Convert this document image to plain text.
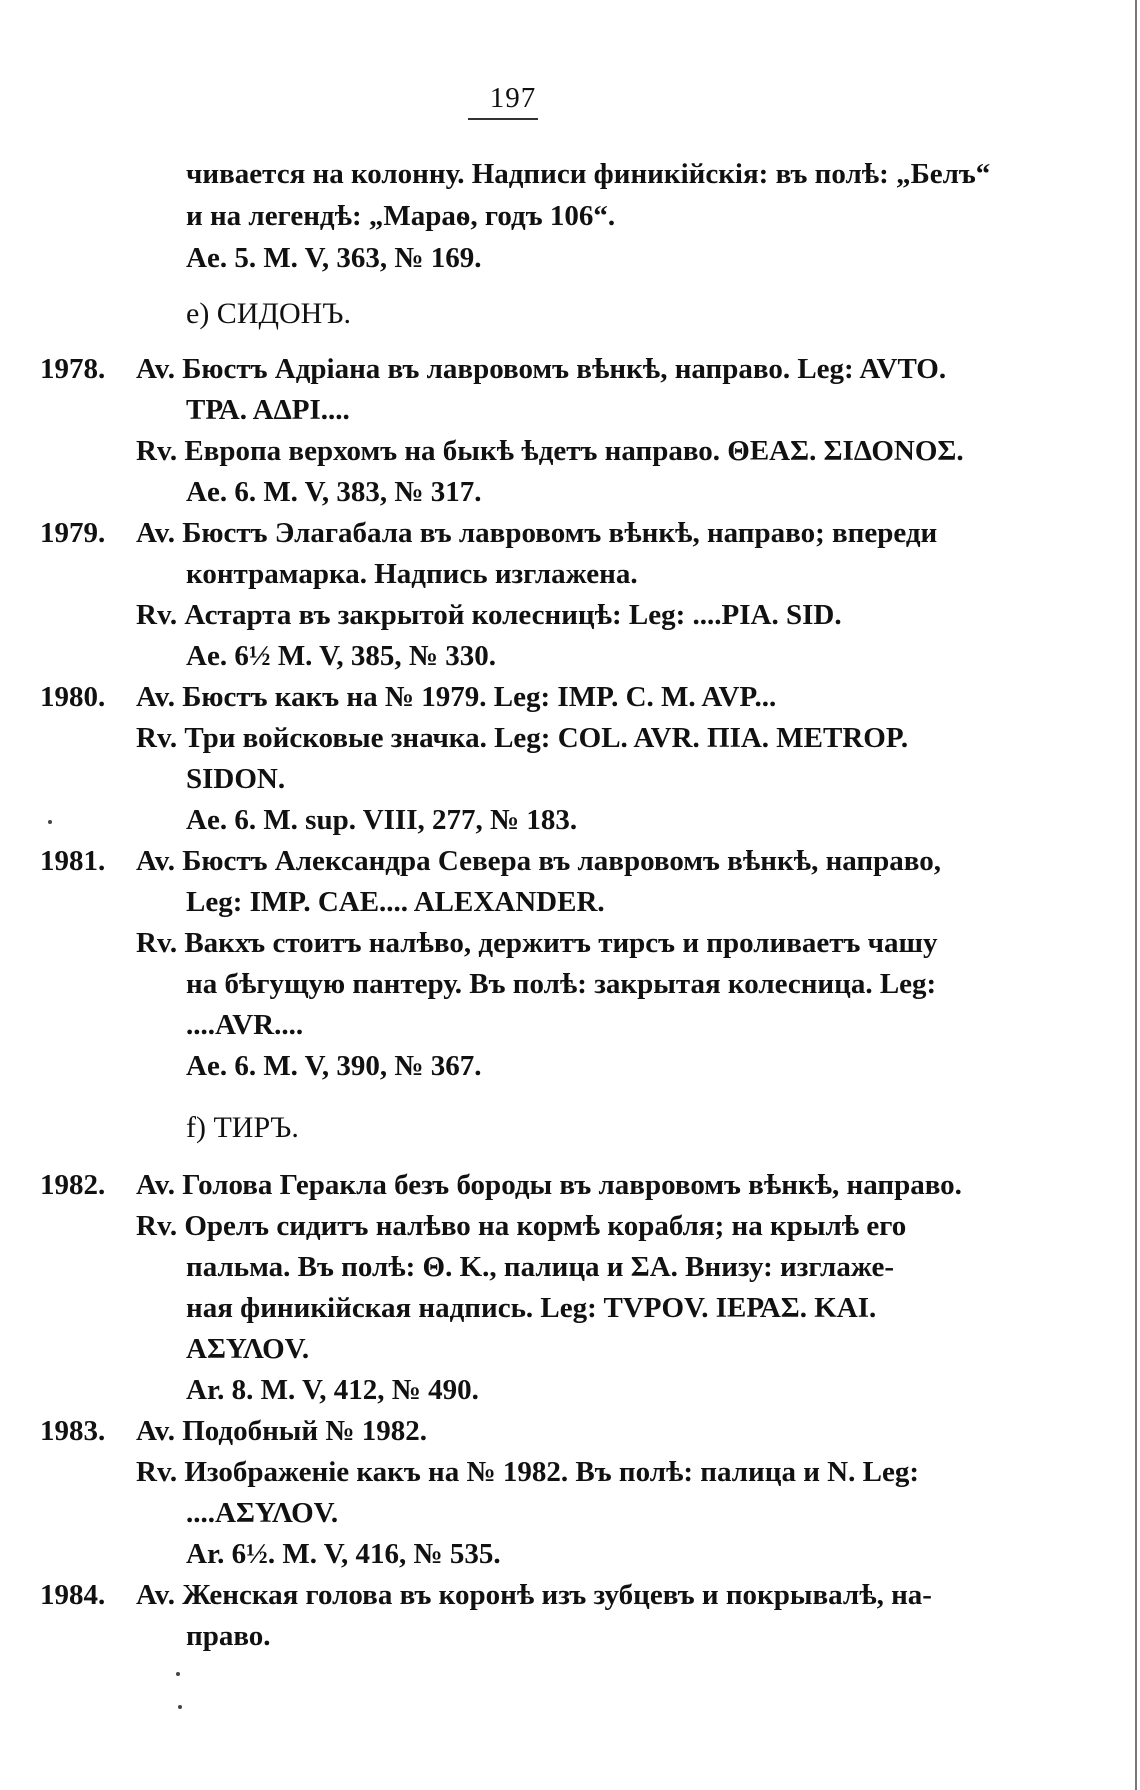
197
чивается на колонну. Надписи финикійскія: въ полѣ: „Белъ“
и на легендѣ: „Мараѳ, годъ 106“.
Ae. 5. M. V, 363, № 169.
e) СИДОНЪ.
1978. Av. Бюстъ Адріана въ лавровомъ вѣнкѣ, направо. Leg: AVTO.
ΤΡΑ. ΑΔΡΙ....
Rv. Европа верхомъ на быкѣ ѣдетъ направо. ΘΕΑΣ. ΣΙΔΟΝΟΣ.
Ae. 6. M. V, 383, № 317.
1979. Av. Бюстъ Элагабала въ лавровомъ вѣнкѣ, направо; впереди
контрамарка. Надпись изглажена.
Rv. Астарта въ закрытой колесницѣ: Leg: ....PIA. SID.
Ae. 6½ M. V, 385, № 330.
1980. Av. Бюстъ какъ на № 1979. Leg: IMP. C. M. AVP...
Rv. Три войсковые значка. Leg: COL. AVR. ΠΙΑ. METROP.
SIDON.
Ae. 6. M. sup. VIII, 277, № 183.
1981. Av. Бюстъ Александра Севера въ лавровомъ вѣнкѣ, направо,
Leg: IMP. CAE.... ALEXANDER.
Rv. Вакхъ стоитъ налѣво, держитъ тирсъ и проливаетъ чашу
на бѣгущую пантеру. Въ полѣ: закрытая колесница. Leg:
....AVR....
Ae. 6. M. V, 390, № 367.
f) ТИРЪ.
1982. Av. Голова Геракла безъ бороды въ лавровомъ вѣнкѣ, направо.
Rv. Орелъ сидитъ налѣво на кормѣ корабля; на крылѣ его
пальма. Въ полѣ: Θ. K., палица и ΣΑ. Внизу: изглаже-
ная финикійская надпись. Leg: TVPOV. ΙΕΡΑΣ. ΚΑΙ.
ΑΣΥΛΟV.
Ar. 8. M. V, 412, № 490.
1983. Av. Подобный № 1982.
Rv. Изображеніе какъ на № 1982. Въ полѣ: палица и N. Leg:
....ΑΣΥΛΟV.
Ar. 6½. M. V, 416, № 535.
1984. Av. Женская голова въ коронѣ изъ зубцевъ и покрывалѣ, на-
право.
